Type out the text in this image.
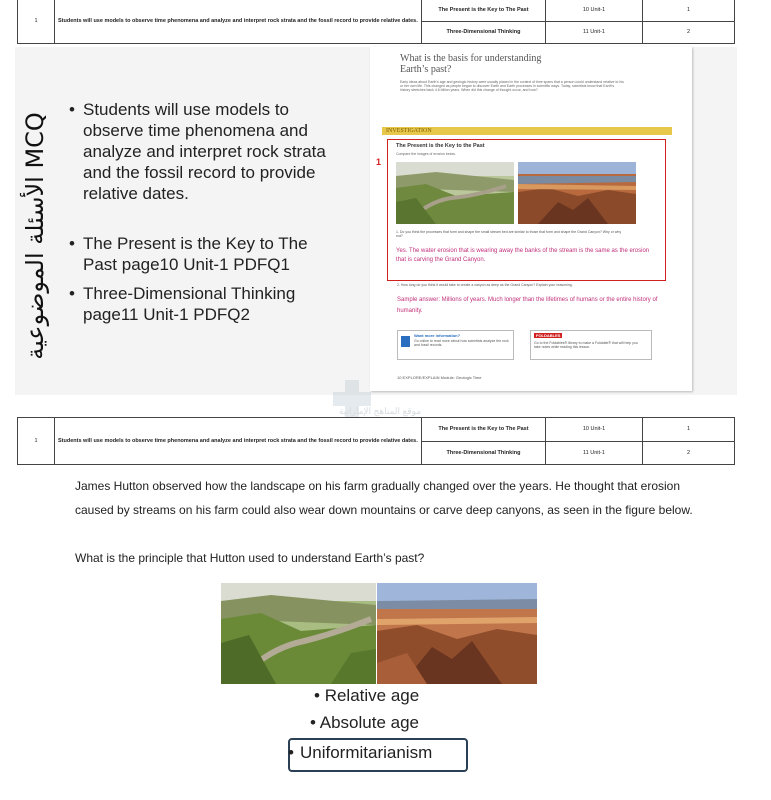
1	Students will use models to observe time phenomena and analyze and interpret rock strata and the fossil record to provide relative dates.	The Present is the Key to The Past	10 Unit-1	1
		Three-Dimensional Thinking	11 Unit-1	2
الأسئلة الموضوعية MCQ
• Students will use models to observe time phenomena and analyze and interpret rock strata and the fossil record to provide relative dates.
• The Present is the Key to The Past page10 Unit-1 PDFQ1
• Three-Dimensional Thinking page11 Unit-1 PDFQ2
What is the basis for understanding
Earth’s past?
Early ideas about Earth's age and geologic history were usually placed in the context of time spans that a person could understand relative to his or her own life. This changed as people began to discover Earth and Earth processes in scientific ways. Today, scientists know that Earth's history stretches back 4.6 billion years. When did this change of thought occur, and how?
INVESTIGATION
The Present is the Key to the Past
Compare the images of erosion below.
1. Do you think the processes that form and shape the small stream bed are similar to those that form and shape the Grand Canyon? Why or why not?
Yes. The water erosion that is wearing away the banks of the stream is the same as the erosion that is carving the Grand Canyon.
1
2. How long do you think it would take to create a canyon as deep as the Grand Canyon? Explain your reasoning.
Sample answer: Millions of years. Much longer than the lifetimes of humans or the entire history of humanity.
Want more information?
Go online to read more about how scientists analyze the rock and fossil records.
FOLDABLES
Go to the Foldables® library to make a Foldable® that will help you take notes while reading this lesson.
10 EXPLORE/EXPLAIN Module: Geologic Time
موقع المناهج الإماراتية
1	Students will use models to observe time phenomena and analyze and interpret rock strata and the fossil record to provide relative dates.	The Present is the Key to The Past	10 Unit-1	1
		Three-Dimensional Thinking	11 Unit-1	2
James Hutton observed how the landscape on his farm gradually changed over the years. He thought that erosion caused by streams on his farm could also wear down mountains or carve deep canyons, as seen in the figure below.
What is the principle that Hutton used to understand Earth’s past?
• Relative age
• Absolute age
• Uniformitarianism
